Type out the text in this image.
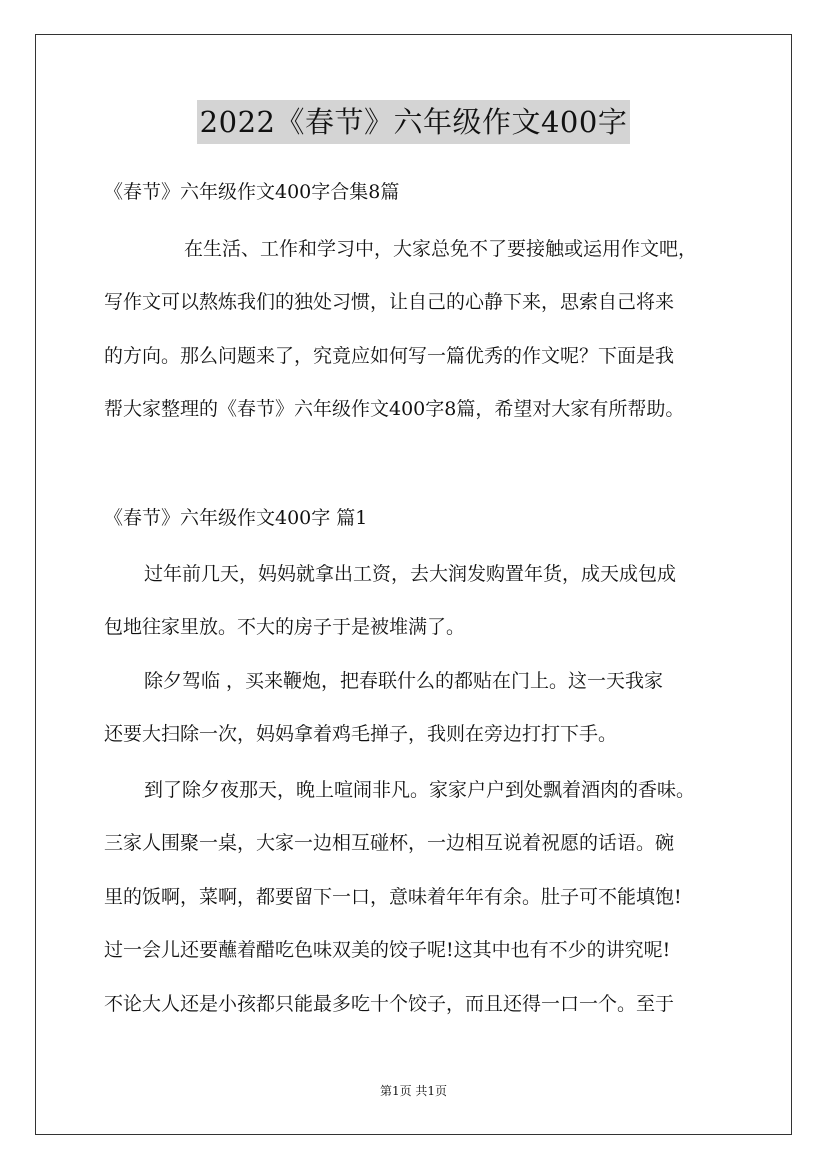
2022《春节》六年级作文400字
《春节》六年级作文400字合集8篇
在生活、工作和学习中，大家总免不了要接触或运用作文吧，
写作文可以熬炼我们的独处习惯，让自己的心静下来，思索自己将来
的方向。那么问题来了，究竟应如何写一篇优秀的作文呢？下面是我
帮大家整理的《春节》六年级作文400字8篇，希望对大家有所帮助。
《春节》六年级作文400字 篇1
过年前几天，妈妈就拿出工资，去大润发购置年货，成天成包成
包地往家里放。不大的房子于是被堆满了。
除夕驾临 ，买来鞭炮，把春联什么的都贴在门上。这一天我家
还要大扫除一次，妈妈拿着鸡毛掸子，我则在旁边打打下手。
到了除夕夜那天，晚上喧闹非凡。家家户户到处飘着酒肉的香味。
三家人围聚一桌，大家一边相互碰杯，一边相互说着祝愿的话语。碗
里的饭啊，菜啊，都要留下一口，意味着年年有余。肚子可不能填饱!
过一会儿还要蘸着醋吃色味双美的饺子呢!这其中也有不少的讲究呢!
不论大人还是小孩都只能最多吃十个饺子，而且还得一口一个。至于
第1页 共1页
